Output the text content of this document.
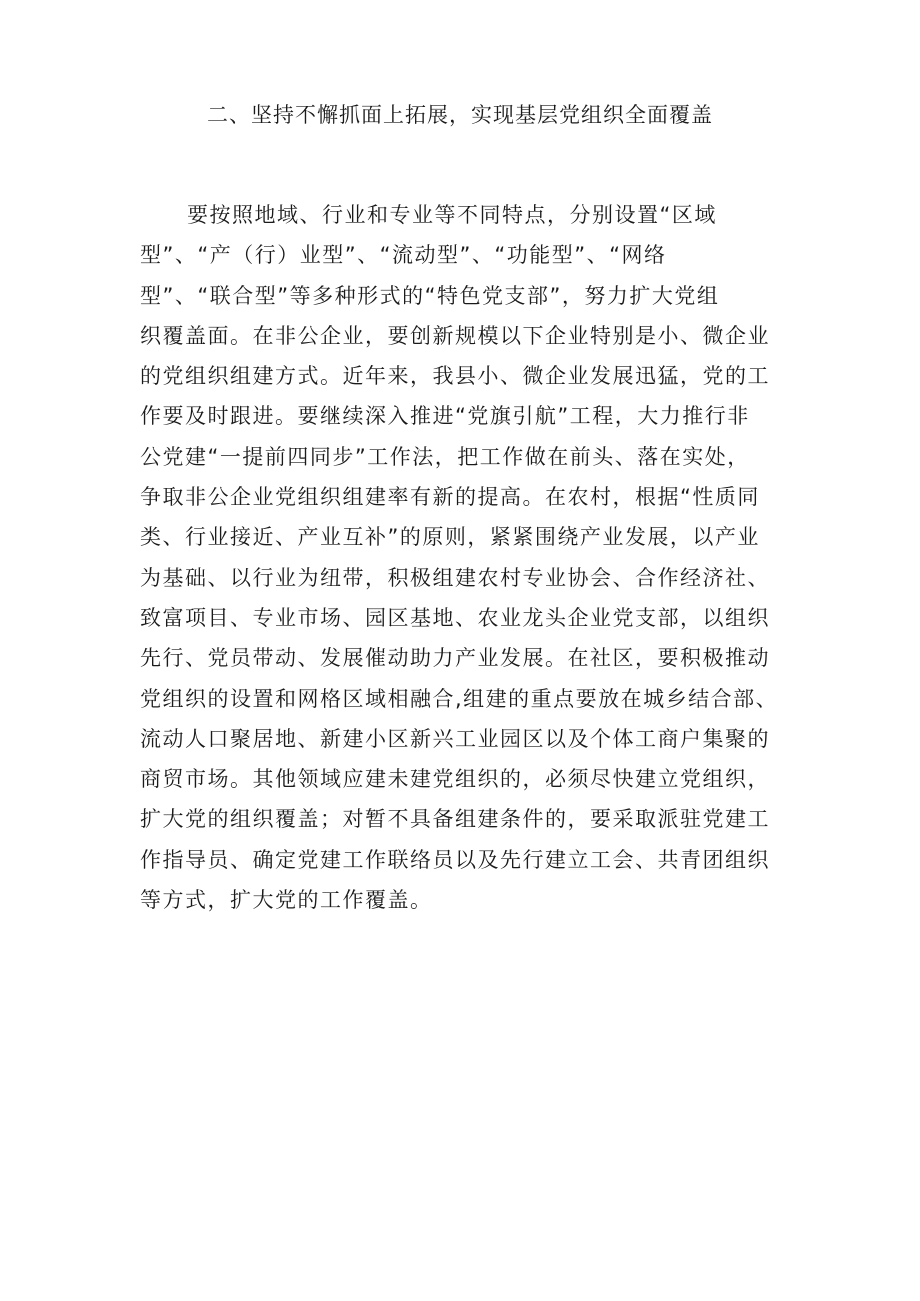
二、坚持不懈抓面上拓展，实现基层党组织全面覆盖
要按照地域、行业和专业等不同特点，分别设置“区域
型”、“产（行）业型”、“流动型”、“功能型”、“网络
型”、“联合型”等多种形式的“特色党支部”，努力扩大党组
织覆盖面。在非公企业，要创新规模以下企业特别是小、微企业
的党组织组建方式。近年来，我县小、微企业发展迅猛，党的工
作要及时跟进。要继续深入推进“党旗引航”工程，大力推行非
公党建“一提前四同步”工作法，把工作做在前头、落在实处，
争取非公企业党组织组建率有新的提高。在农村，根据“性质同
类、行业接近、产业互补”的原则，紧紧围绕产业发展，以产业
为基础、以行业为纽带，积极组建农村专业协会、合作经济社、
致富项目、专业市场、园区基地、农业龙头企业党支部，以组织
先行、党员带动、发展催动助力产业发展。在社区，要积极推动
党组织的设置和网格区域相融合,组建的重点要放在城乡结合部、
流动人口聚居地、新建小区新兴工业园区以及个体工商户集聚的
商贸市场。其他领域应建未建党组织的，必须尽快建立党组织，
扩大党的组织覆盖；对暂不具备组建条件的，要采取派驻党建工
作指导员、确定党建工作联络员以及先行建立工会、共青团组织
等方式，扩大党的工作覆盖。
